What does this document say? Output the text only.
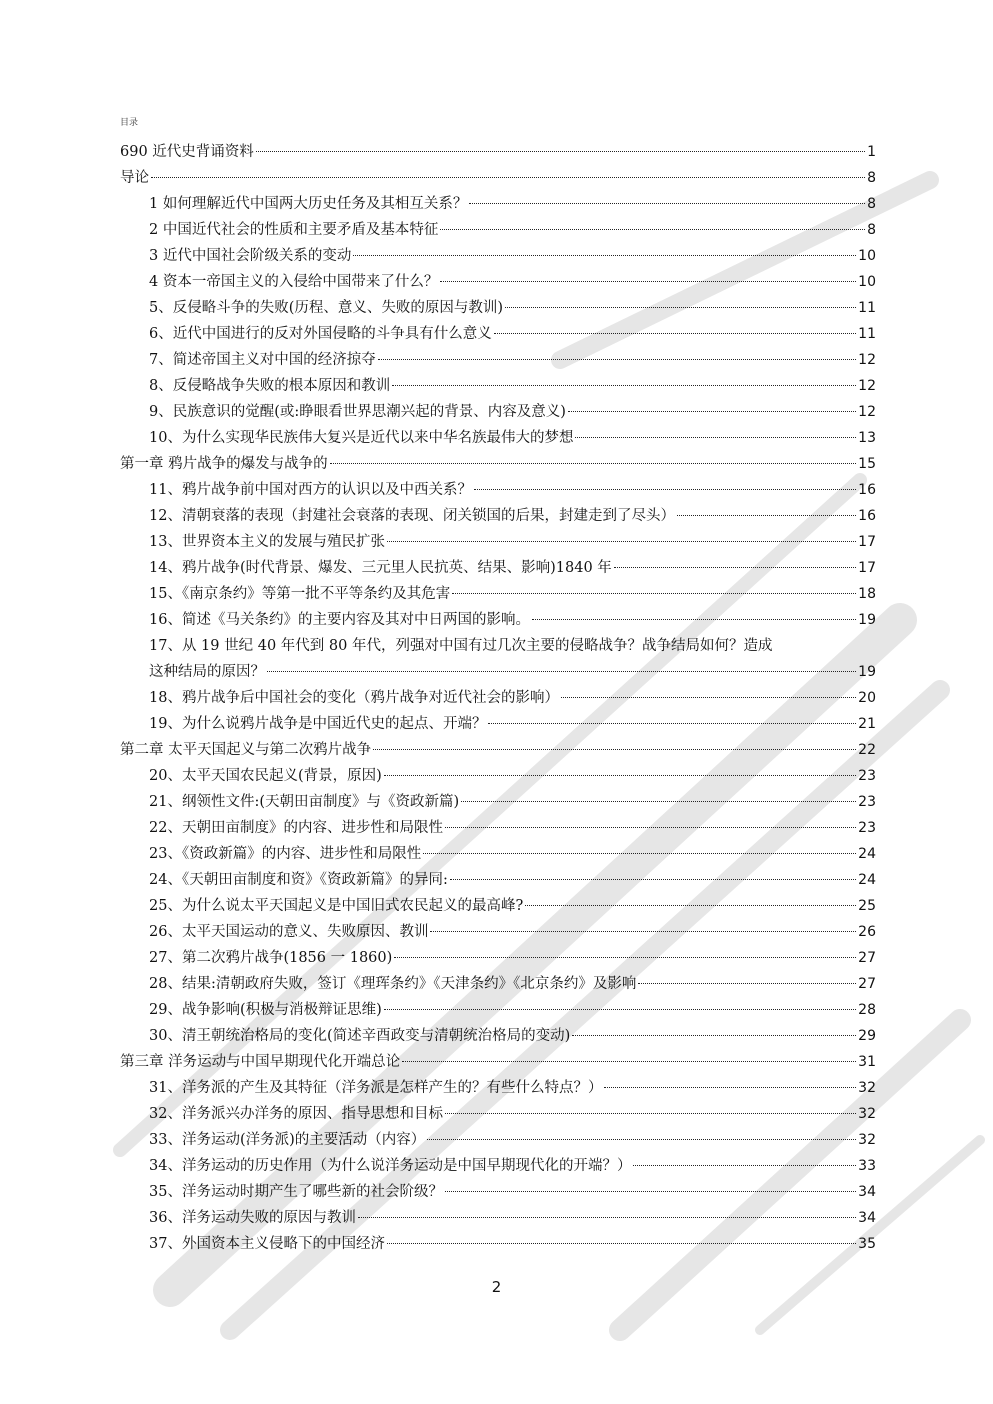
目录
690 近代史背诵资料	1
导论	8
1 如何理解近代中国两大历史任务及其相互关系？	8
2 中国近代社会的性质和主要矛盾及基本特征	8
3 近代中国社会阶级关系的变动	10
4 资本一帝国主义的入侵给中国带来了什么？	10
5、反侵略斗争的失败(历程、意义、失败的原因与教训)	11
6、近代中国进行的反对外国侵略的斗争具有什么意义	11
7、简述帝国主义对中国的经济掠夺	12
8、反侵略战争失败的根本原因和教训	12
9、民族意识的觉醒(或:睁眼看世界思潮兴起的背景、内容及意义)	12
10、为什么实现华民族伟大复兴是近代以来中华名族最伟大的梦想	13
第一章 鸦片战争的爆发与战争的	15
11、鸦片战争前中国对西方的认识以及中西关系？	16
12、清朝衰落的表现（封建社会衰落的表现、闭关锁国的后果，封建走到了尽头）	16
13、世界资本主义的发展与殖民扩张	17
14、鸦片战争(时代背景、爆发、三元里人民抗英、结果、影响)1840 年	17
15、《南京条约》等第一批不平等条约及其危害	18
16、简述《马关条约》的主要内容及其对中日两国的影响。	19
17、从 19 世纪 40 年代到 80 年代，列强对中国有过几次主要的侵略战争？战争结局如何？造成
这种结局的原因？	19
18、鸦片战争后中国社会的变化（鸦片战争对近代社会的影响）	20
19、为什么说鸦片战争是中国近代史的起点、开端？	21
第二章 太平天国起义与第二次鸦片战争	22
20、太平天国农民起义(背景，原因)	23
21、纲领性文件:(天朝田亩制度》与《资政新篇)	23
22、天朝田亩制度》的内容、进步性和局限性	23
23、《资政新篇》的内容、进步性和局限性	24
24、《天朝田亩制度和资》《资政新篇》的异同:	24
25、为什么说太平天国起义是中国旧式农民起义的最高峰?	25
26、太平天国运动的意义、失败原因、教训	26
27、第二次鸦片战争(1856 一 1860)	27
28、结果:清朝政府失败，签订《理珲条约》《天津条约》《北京条约》及影响	27
29、战争影响(积极与消极辩证思维)	28
30、清王朝统治格局的变化(简述辛酉政变与清朝统治格局的变动)	29
第三章 洋务运动与中国早期现代化开端总论	31
31、洋务派的产生及其特征（洋务派是怎样产生的？有些什么特点？）	32
32、洋务派兴办洋务的原因、指导思想和目标	32
33、洋务运动(洋务派)的主要活动（内容）	32
34、洋务运动的历史作用（为什么说洋务运动是中国早期现代化的开端？）	33
35、洋务运动时期产生了哪些新的社会阶级？	34
36、洋务运动失败的原因与教训	34
37、外国资本主义侵略下的中国经济	35
2
